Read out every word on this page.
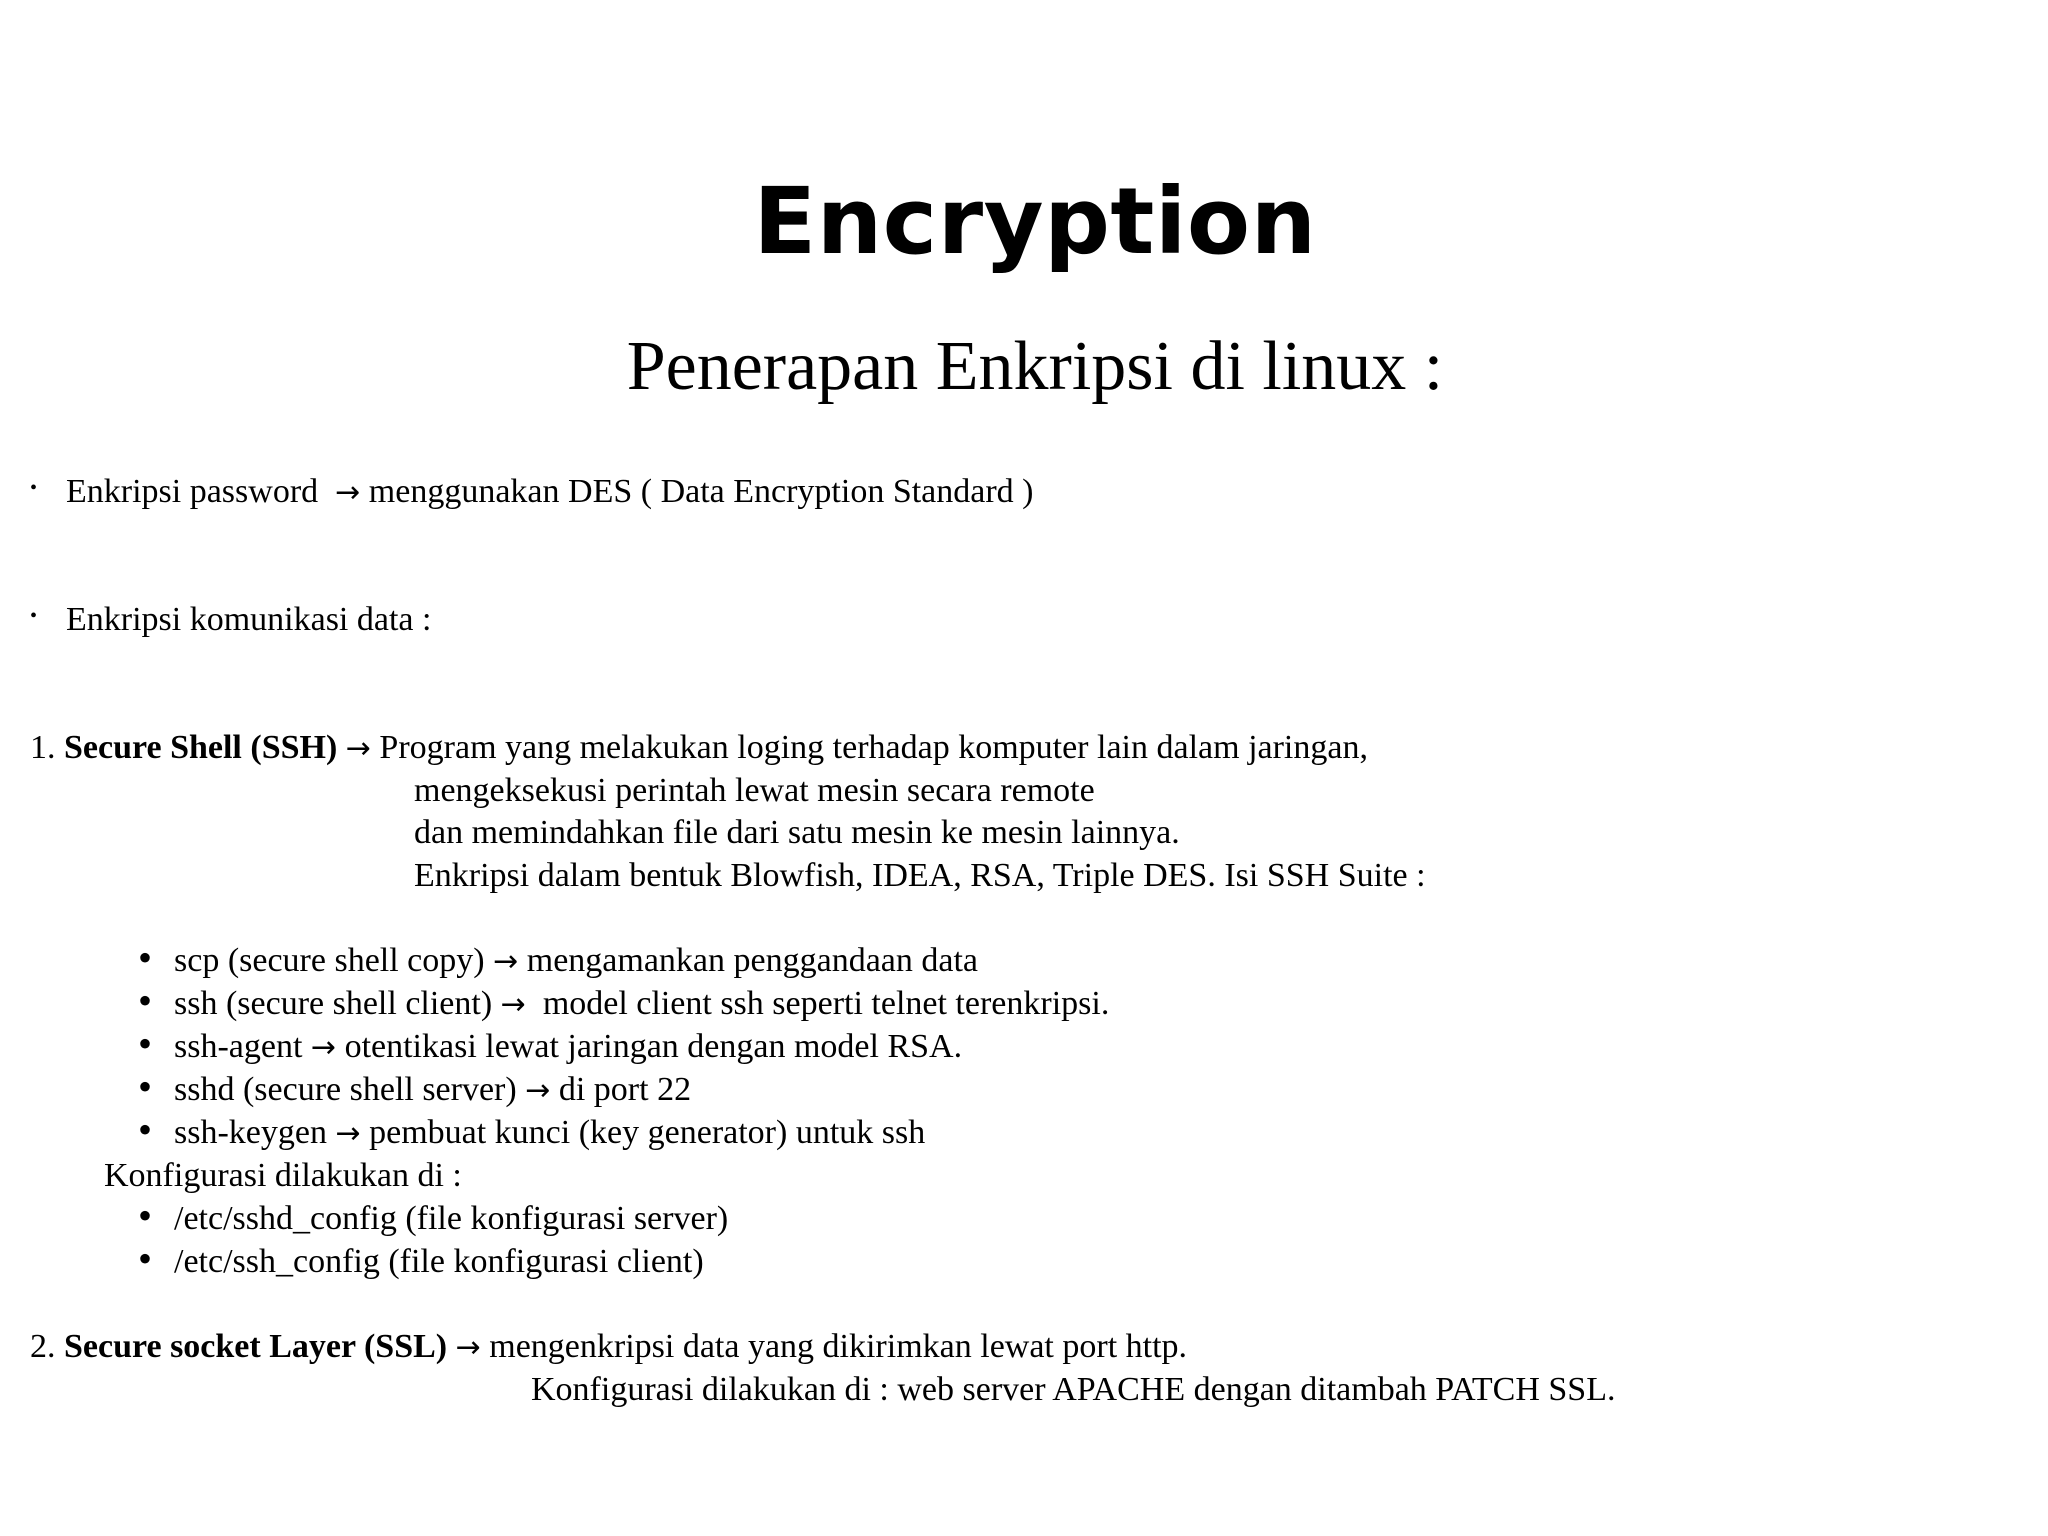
Encryption
Penerapan Enkripsi di linux :
• Enkripsi password  → menggunakan DES ( Data Encryption Standard )
• Enkripsi komunikasi data :
1. Secure Shell (SSH) → Program yang melakukan loging terhadap komputer lain dalam jaringan,
mengeksekusi perintah lewat mesin secara remote
dan memindahkan file dari satu mesin ke mesin lainnya.
Enkripsi dalam bentuk Blowfish, IDEA, RSA, Triple DES. Isi SSH Suite :
• scp (secure shell copy) → mengamankan penggandaan data
• ssh (secure shell client) →  model client ssh seperti telnet terenkripsi.
• ssh-agent → otentikasi lewat jaringan dengan model RSA.
• sshd (secure shell server) → di port 22
• ssh-keygen → pembuat kunci (key generator) untuk ssh
Konfigurasi dilakukan di :
• /etc/sshd_config (file konfigurasi server)
• /etc/ssh_config (file konfigurasi client)
2. Secure socket Layer (SSL) → mengenkripsi data yang dikirimkan lewat port http.
Konfigurasi dilakukan di : web server APACHE dengan ditambah PATCH SSL.
